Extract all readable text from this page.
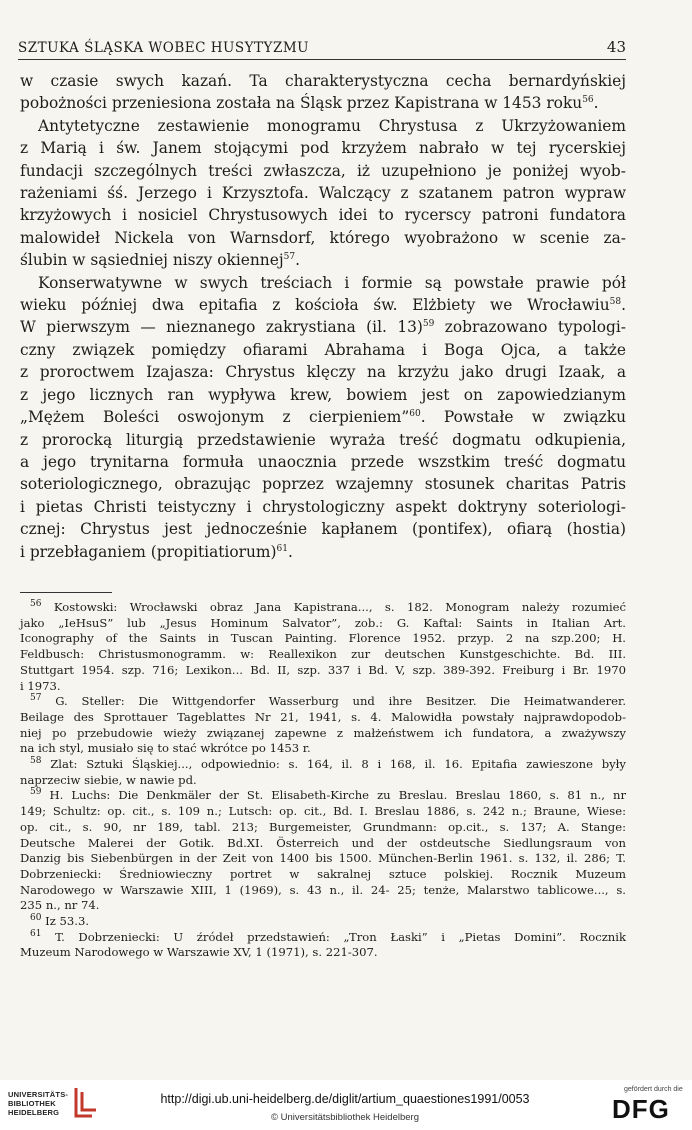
SZTUKA ŚLĄSKA WOBEC HUSYTYZMU	43

w czasie swych kazań. Ta charakterystyczna cecha bernardyńskiej

pobożności przeniesiona została na Śląsk przez Kapistrana w 1453 roku$^{56}$.

Antytetyczne zestawienie monogramu Chrystusa z Ukrzyżowaniem

z Marią i św. Janem stojącymi pod krzyżem nabrało w tej rycerskiej

fundacji szczególnych treści zwłaszcza, iż uzupełniono je poniżej wyob-

rażeniami śś. Jerzego i Krzysztofa. Walczący z szatanem patron wypraw

krzyżowych i nosiciel Chrystusowych idei to rycerscy patroni fundatora

malowideł Nickela von Warnsdorf, którego wyobrażono w scenie za-

ślubin w sąsiedniej niszy okiennej$^{57}$.

Konserwatywne w swych treściach i formie są powstałe prawie pół

wieku później dwa epitafia z kościoła św. Elżbiety we Wrocławiu$^{58}$.

W pierwszym — nieznanego zakrystiana (il. 13)$^{59}$ zobrazowano typologi-

czny związek pomiędzy ofiarami Abrahama i Boga Ojca, a także

z proroctwem Izajasza: Chrystus klęczy na krzyżu jako drugi Izaak, a

z jego licznych ran wypływa krew, bowiem jest on zapowiedzianym

„Mężem Boleści oswojonym z cierpieniem”$^{60}$. Powstałe w związku

z prorocką liturgią przedstawienie wyraża treść dogmatu odkupienia,

a jego trynitarna formuła unaocznia przede wszstkim treść dogmatu

soteriologicznego, obrazując poprzez wzajemny stosunek charitas Patris

i pietas Christi teistyczny i chrystologiczny aspekt doktryny soteriologi-

cznej: Chrystus jest jednocześnie kapłanem (pontifex), ofiarą (hostia)

i przebłaganiem (propitiatiorum)$^{61}$.

$^{56}$ Kostowski: Wrocławski obraz Jana Kapistrana..., s. 182. Monogram należy rozumieć

jako „IeHsuS” lub „Jesus Hominum Salvator”, zob.: G. Kaftal: Saints in Italian Art.

Iconography of the Saints in Tuscan Painting. Florence 1952. przyp. 2 na szp.200; H.

Feldbusch: Christusmonogramm. w: Reallexikon zur deutschen Kunstgeschichte. Bd. III.

Stuttgart 1954. szp. 716; Lexikon... Bd. II, szp. 337 i Bd. V, szp. 389-392. Freiburg i Br. 1970

i 1973.

$^{57}$ G. Steller: Die Wittgendorfer Wasserburg und ihre Besitzer. Die Heimatwanderer.

Beilage des Sprottauer Tageblattes Nr 21, 1941, s. 4. Malowidła powstały najprawdopodob-

niej po przebudowie wieży związanej zapewne z małżeństwem ich fundatora, a zważywszy

na ich styl, musiało się to stać wkrótce po 1453 r.

$^{58}$ Zlat: Sztuki Śląskiej..., odpowiednio: s. 164, il. 8 i 168, il. 16. Epitafia zawieszone były

naprzeciw siebie, w nawie pd.

$^{59}$ H. Luchs: Die Denkmäler der St. Elisabeth-Kirche zu Breslau. Breslau 1860, s. 81 n., nr

149; Schultz: op. cit., s. 109 n.; Lutsch: op. cit., Bd. I. Breslau 1886, s. 242 n.; Braune, Wiese:

op. cit., s. 90, nr 189, tabl. 213; Burgemeister, Grundmann: op.cit., s. 137; A. Stange:

Deutsche Malerei der Gotik. Bd.XI. Österreich und der ostdeutsche Siedlungsraum von

Danzig bis Siebenbürgen in der Zeit von 1400 bis 1500. München-Berlin 1961. s. 132, il. 286; T.

Dobrzeniecki: Średniowieczny portret w sakralnej sztuce polskiej. Rocznik Muzeum

Narodowego w Warszawie XIII, 1 (1969), s. 43 n., il. 24- 25; tenże, Malarstwo tablicowe..., s.

235 n., nr 74.

$^{60}$ Iz 53.3.

$^{61}$ T. Dobrzeniecki: U źródeł przedstawień: „Tron Łaski” i „Pietas Domini”. Rocznik

Muzeum Narodowego w Warszawie XV, 1 (1971), s. 221-307.

UNIVERSITÄTS-
BIBLIOTHEK
HEIDELBERG
http://digi.ub.uni-heidelberg.de/diglit/artium_quaestiones1991/0053
© Universitätsbibliothek Heidelberg
gefördert durch die
DFG
